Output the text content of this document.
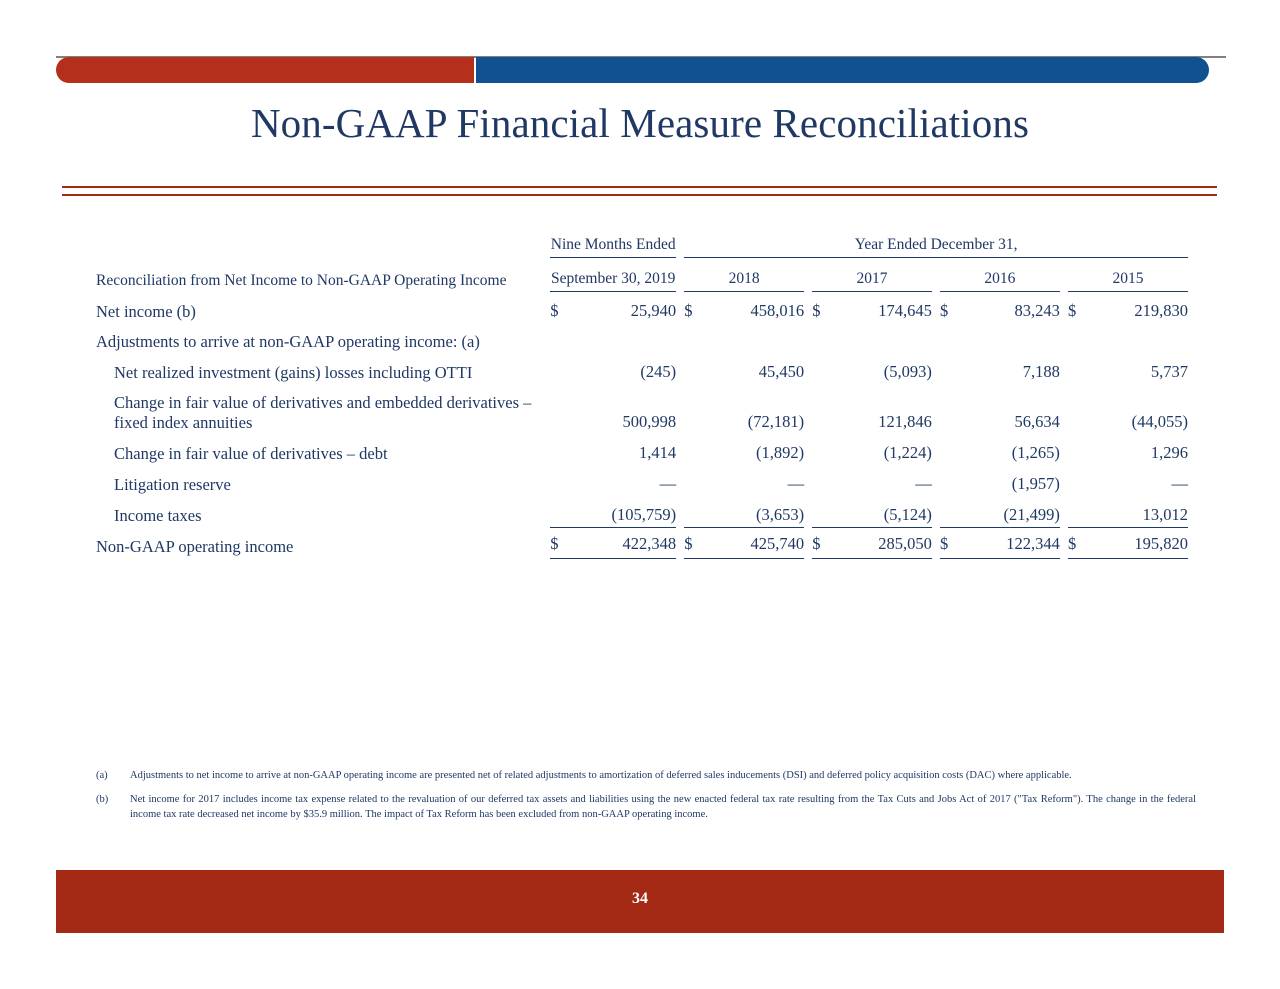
Non-GAAP Financial Measure Reconciliations
	Nine Months Ended			Year Ended December 31,										

Reconciliation from Net Income to Non-GAAP Operating Income	September 30, 2019			2018			2017			2016			2015	
Net income (b)	$	25,940		$	458,016		$	174,645		$	83,243		$	219,830
Adjustments to arrive at non-GAAP operating income: (a)														
Net realized investment (gains) losses including OTTI		(245)			45,450			(5,093)			7,188			5,737
Change in fair value of derivatives and embedded derivatives – fixed index annuities		500,998			(72,181)			121,846			56,634			(44,055)
Change in fair value of derivatives – debt		1,414			(1,892)			(1,224)			(1,265)			1,296
Litigation reserve		—			—			—			(1,957)			—
Income taxes		(105,759)			(3,653)			(5,124)			(21,499)			13,012
Non-GAAP operating income	$	422,348		$	425,740		$	285,050		$	122,344		$	195,820
(a)	Adjustments to net income to arrive at non-GAAP operating income are presented net of related adjustments to amortization of deferred sales inducements (DSI) and deferred policy acquisition costs (DAC) where applicable.
(b)	Net income for 2017 includes income tax expense related to the revaluation of our deferred tax assets and liabilities using the new enacted federal tax rate resulting from the Tax Cuts and Jobs Act of 2017 ("Tax Reform"). The change in the federal income tax rate decreased net income by $35.9 million. The impact of Tax Reform has been excluded from non-GAAP operating income.
34
